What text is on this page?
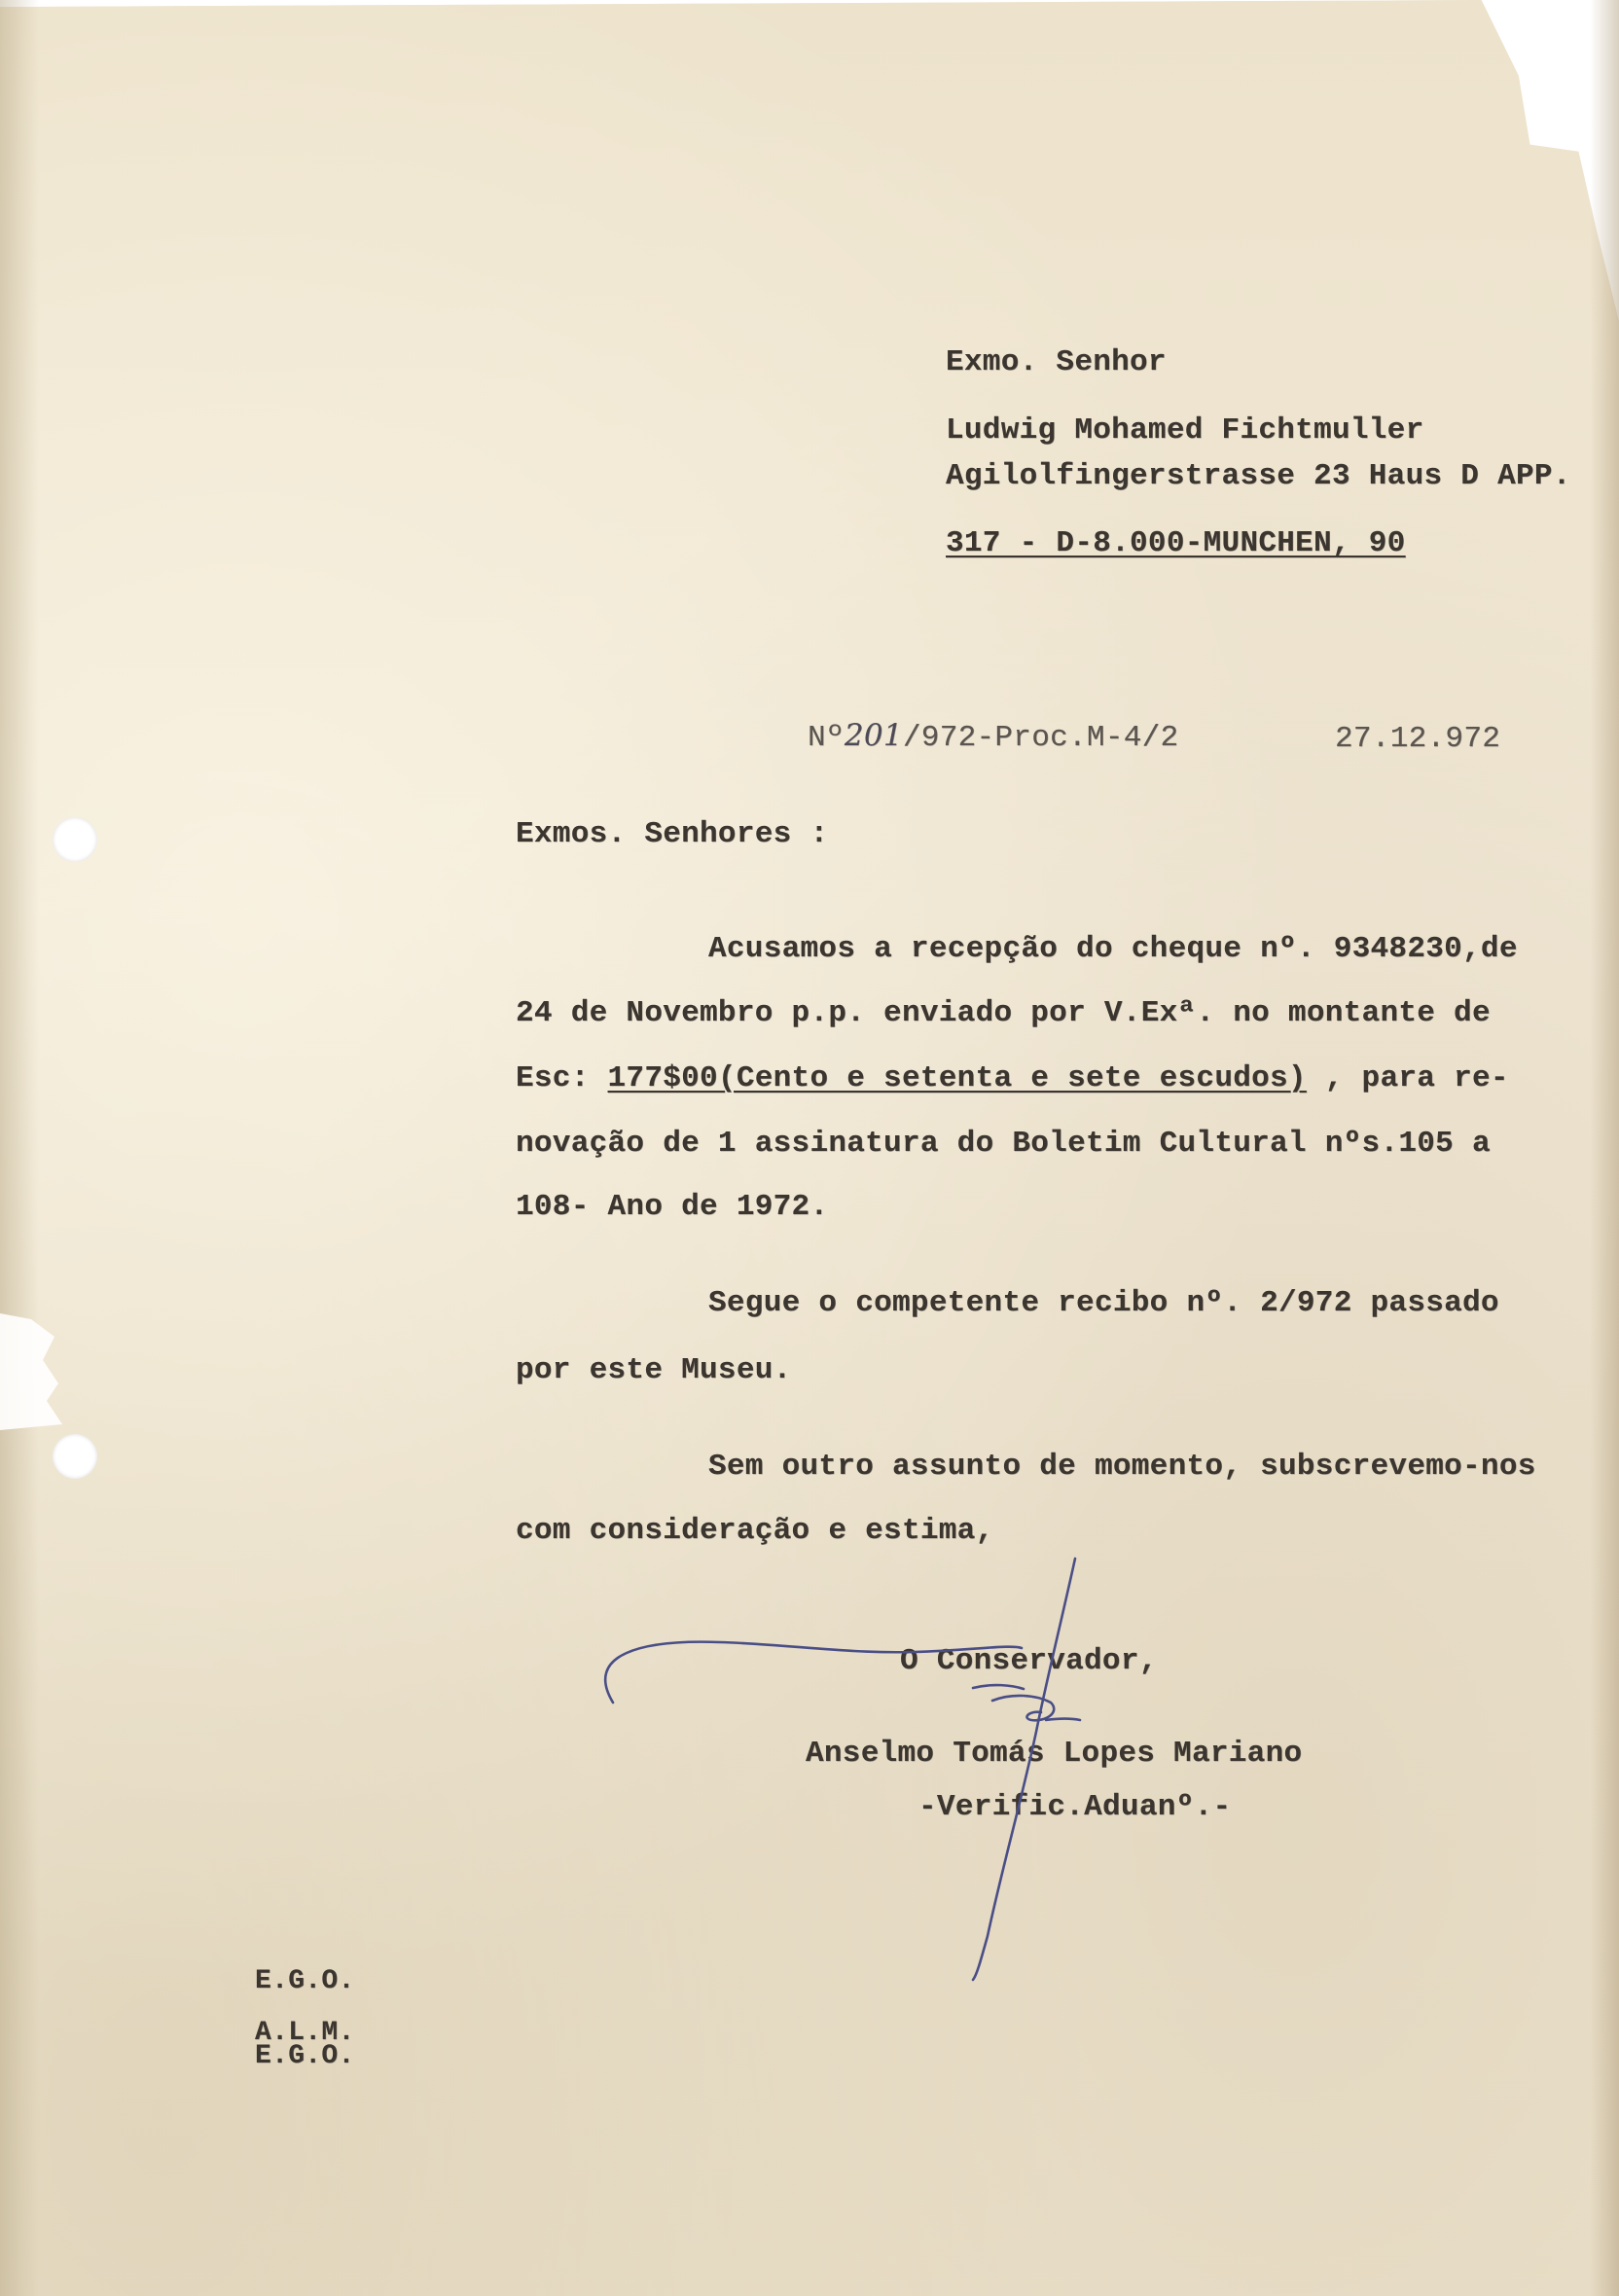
Exmo. Senhor
Ludwig Mohamed Fichtmuller
Agilolfingerstrasse 23 Haus D APP.
317 - D-8.000-MUNCHEN, 90
Nº201/972-Proc.M-4/2	27.12.972
Exmos. Senhores :
Acusamos a recepção do cheque nº. 9348230,de
24 de Novembro p.p. enviado por V.Exª. no montante de
Esc: 177$00(Cento e setenta e sete escudos) , para re-
novação de 1 assinatura do Boletim Cultural nºs.105 a
108- Ano de 1972.
Segue o competente recibo nº. 2/972 passado
por este Museu.
Sem outro assunto de momento, subscrevemo-nos
com consideração e estima,
O Conservador,
Anselmo Tomás Lopes Mariano
-Verific.Aduanº.-
E.G.O.
A.L.M.
E.G.O.
